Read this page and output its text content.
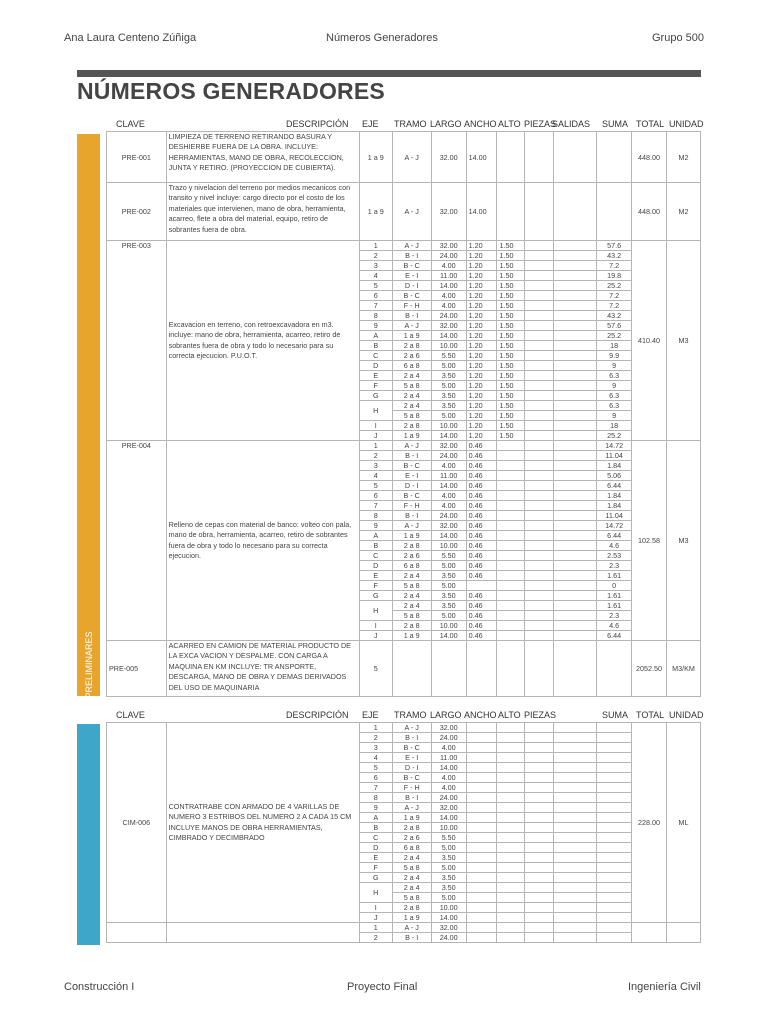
Ana Laura Centeno Zúñiga	Números Generadores	Grupo 500
NÚMEROS GENERADORES
CLAVE	DESCRIPCIÓN EJE TRAMO LARGO ANCHO ALTO PIEZAS
SALIDAS SUMA TOTAL UNIDAD
PRELIMINARES
PRE-001	LIMPIEZA DE TERRENO RETIRANDO BASURA Y DESHIERBE FUERA DE LA OBRA. INCLUYE: HERRAMIENTAS, MANO DE OBRA, RECOLECCION, JUNTA Y RETIRO. (PROYECCION DE CUBIERTA).	1 a 9	A - J	32.00	14.00					448.00	M2
PRE-002	Trazo y nivelacion del terreno por medios mecanicos con transito y nivel incluye: cargo directo por el costo de los materiales que intervienen, mano de obra, herramienta, acarreo, flete a obra del material, equipo, retiro de sobrantes fuera de obra.	1 a 9	A - J	32.00	14.00					448.00	M2
PRE-003	Excavacion en terreno, con retroexcavadora en m3. incluye: mano de obra, herramienta, acarreo, retiro de sobrantes fuera de obra y todo lo necesario para su correcta ejecucion. P.U.O.T.	1	A - J	32.00	1.20	1.50			57.6	410.40	M3
		2	B - I	24.00	1.20	1.50			43.2		
		3	B - C	4.00	1.20	1.50			7.2		
		4	E - I	11.00	1.20	1.50			19.8		
		5	D - I	14.00	1.20	1.50			25.2		
		6	B - C	4.00	1.20	1.50			7.2		
		7	F - H	4.00	1.20	1.50			7.2		
		8	B - I	24.00	1.20	1.50			43.2		
		9	A - J	32.00	1.20	1.50			57.6		
		A	1 a 9	14.00	1.20	1.50			25.2		
		B	2 a 8	10.00	1.20	1.50			18		
		C	2 a 6	5.50	1.20	1.50			9.9		
		D	6 a 8	5.00	1.20	1.50			9		
		E	2 a 4	3.50	1.20	1.50			6.3		
		F	5 a 8	5.00	1.20	1.50			9		
		G	2 a 4	3.50	1.20	1.50			6.3		
		H	2 a 4	3.50	1.20	1.50			6.3		
			5 a 8	5.00	1.20	1.50			9		
		I	2 a 8	10.00	1.20	1.50			18		
		J	1 a 9	14.00	1.20	1.50			25.2		
PRE-004	Relleno de cepas con material de banco: volteo con pala, mano de obra, herramienta, acarreo, retiro de sobrantes fuera de obra y todo lo necesario para su correcta ejecucion.	1	A - J	32.00	0.46				14.72	102.58	M3
		2	B - I	24.00	0.46				11.04		
		3	B - C	4.00	0.46				1.84		
		4	E - I	11.00	0.46				5.06		
		5	D - I	14.00	0.46				6.44		
		6	B - C	4.00	0.46				1.84		
		7	F - H	4.00	0.46				1.84		
		8	B - I	24.00	0.46				11.04		
		9	A - J	32.00	0.46				14.72		
		A	1 a 9	14.00	0.46				6.44		
		B	2 a 8	10.00	0.46				4.6		
		C	2 a 6	5.50	0.46				2.53		
		D	6 a 8	5.00	0.46				2.3		
		E	2 a 4	3.50	0.46				1.61		
		F	5 a 8	5.00					0		
		G	2 a 4	3.50	0.46				1.61		
		H	2 a 4	3.50	0.46				1.61		
			5 a 8	5.00	0.46				2.3		
		I	2 a 8	10.00	0.46				4.6		
		J	1 a 9	14.00	0.46				6.44		
PRE-005	ACARREO EN CAMION DE MATERIAL PRODUCTO DE LA EXCA VACION Y DESPALME. CON CARGA A MAQUINA EN KM INCLUYE: TR ANSPORTE, DESCARGA, MANO DE OBRA Y DEMAS DERIVADOS DEL USO DE MAQUINARIA	5								2052.50	M3/KM
CLAVE	DESCRIPCIÓN EJE TRAMO LARGO ANCHO ALTO PIEZAS	SUMA TOTAL UNIDAD
CIM-006	CONTRATRABE CON ARMADO DE 4 VARILLAS DE NUMERO 3 ESTRIBOS DEL NUMERO 2 A CADA 15 CM INCLUYE MANOS DE OBRA HERRAMIENTAS, CIMBRADO Y DECIMBRADO	1	A - J	32.00						228.00	ML
		2	B - I	24.00							
		3	B - C	4.00							
		4	E - I	11.00							
		5	D - I	14.00							
		6	B - C	4.00							
		7	F - H	4.00							
		8	B - I	24.00							
		9	A - J	32.00							
		A	1 a 9	14.00							
		B	2 a 8	10.00							
		C	2 a 6	5.50							
		D	6 a 8	5.00							
		E	2 a 4	3.50							
		F	5 a 8	5.00							
		G	2 a 4	3.50							
		H	2 a 4	3.50							
			5 a 8	5.00							
		I	2 a 8	10.00							
		J	1 a 9	14.00							
		1	A - J	32.00							
		2	B - I	24.00							
Construcción I	Proyecto Final	Ingeniería Civil
